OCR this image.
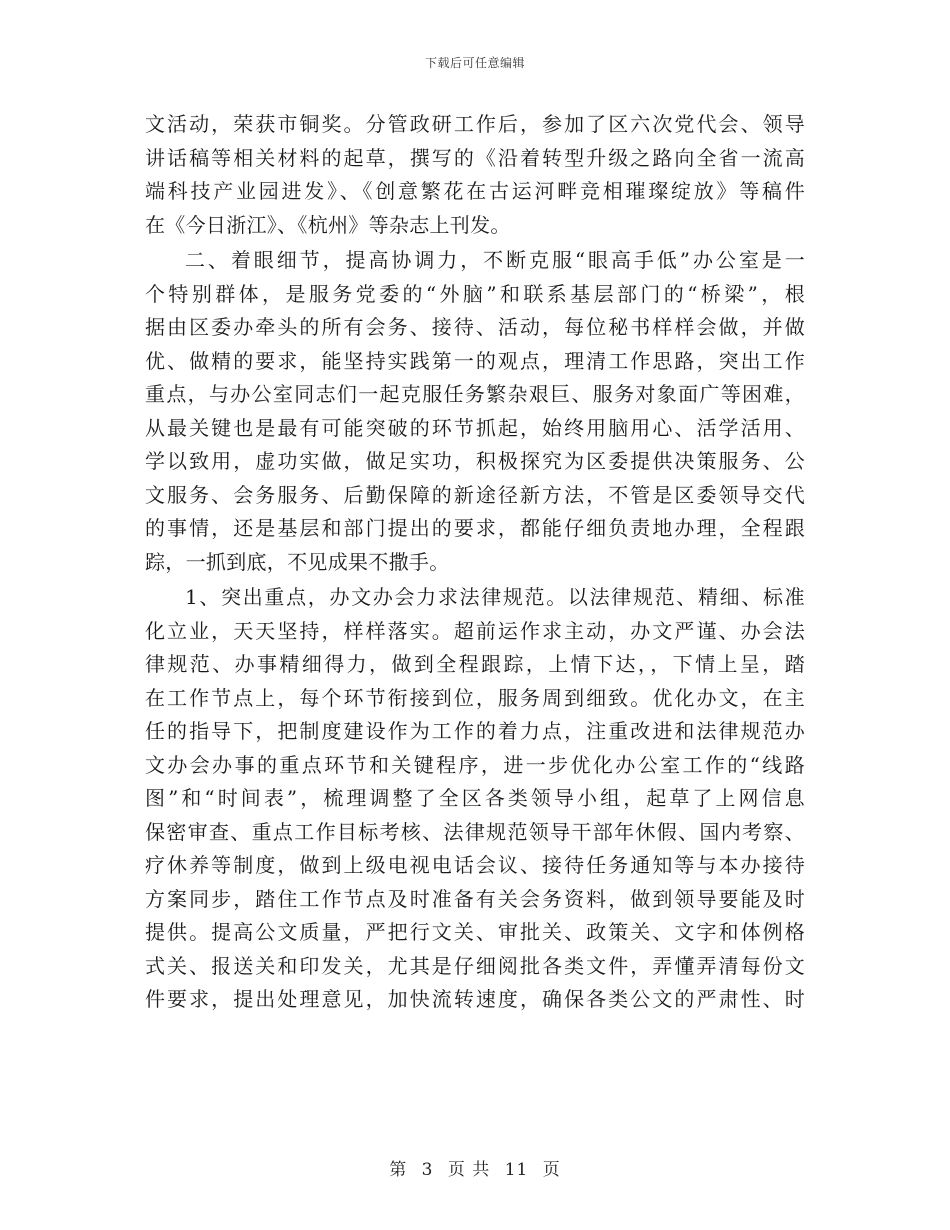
下载后可任意编辑
文活动，荣获市铜奖。分管政研工作后，参加了区六次党代会、领导
讲话稿等相关材料的起草，撰写的《沿着转型升级之路向全省一流高
端科技产业园进发》、《创意繁花在古运河畔竞相璀璨绽放》等稿件
在《今日浙江》、《杭州》等杂志上刊发。
二、着眼细节，提高协调力，不断克服“眼高手低”办公室是一
个特别群体，是服务党委的“外脑”和联系基层部门的“桥梁”，根
据由区委办牵头的所有会务、接待、活动，每位秘书样样会做，并做
优、做精的要求，能坚持实践第一的观点，理清工作思路，突出工作
重点，与办公室同志们一起克服任务繁杂艰巨、服务对象面广等困难，
从最关键也是最有可能突破的环节抓起，始终用脑用心、活学活用、
学以致用，虚功实做，做足实功，积极探究为区委提供决策服务、公
文服务、会务服务、后勤保障的新途径新方法，不管是区委领导交代
的事情，还是基层和部门提出的要求，都能仔细负责地办理，全程跟
踪，一抓到底，不见成果不撒手。
1、突出重点，办文办会力求法律规范。以法律规范、精细、标准
化立业，天天坚持，样样落实。超前运作求主动，办文严谨、办会法
律规范、办事精细得力，做到全程跟踪，上情下达，，下情上呈，踏
在工作节点上，每个环节衔接到位，服务周到细致。优化办文，在主
任的指导下，把制度建设作为工作的着力点，注重改进和法律规范办
文办会办事的重点环节和关键程序，进一步优化办公室工作的“线路
图”和“时间表”，梳理调整了全区各类领导小组，起草了上网信息
保密审查、重点工作目标考核、法律规范领导干部年休假、国内考察、
疗休养等制度，做到上级电视电话会议、接待任务通知等与本办接待
方案同步，踏住工作节点及时准备有关会务资料，做到领导要能及时
提供。提高公文质量，严把行文关、审批关、政策关、文字和体例格
式关、报送关和印发关，尤其是仔细阅批各类文件，弄懂弄清每份文
件要求，提出处理意见，加快流转速度，确保各类公文的严肃性、时
第 3 页 共 11 页
